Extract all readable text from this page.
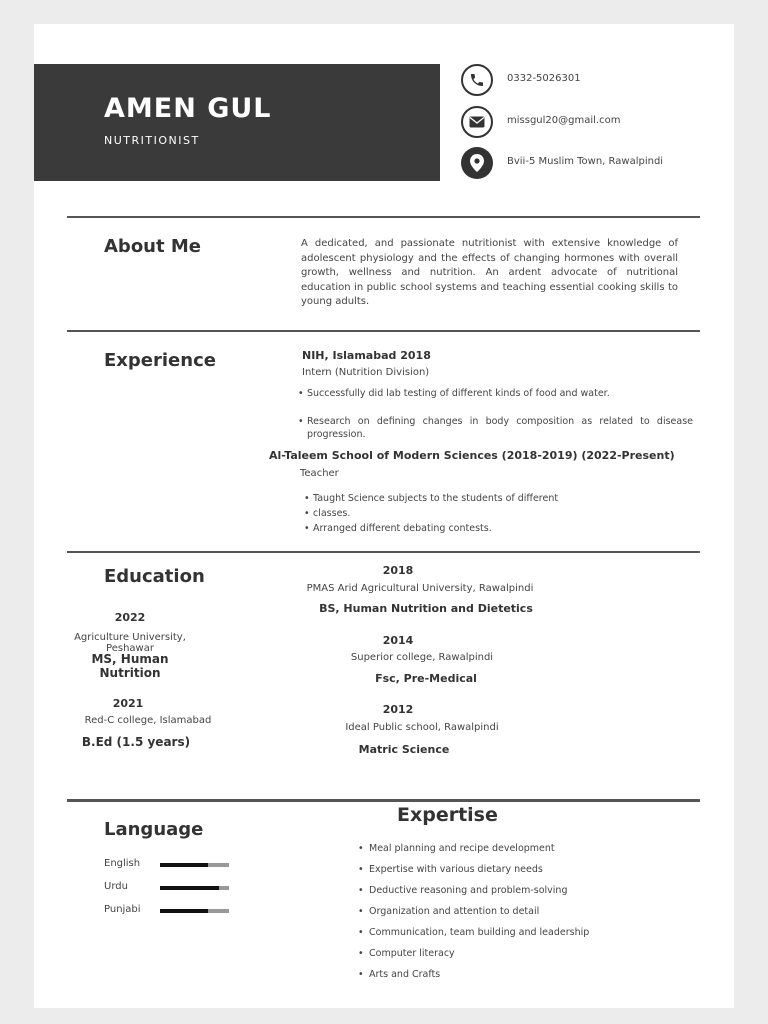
AMEN GUL
NUTRITIONIST
0332-5026301
missgul20@gmail.com
Bvii-5 Muslim Town, Rawalpindi
About Me	A dedicated, and passionate nutritionist with extensive knowledge of adolescent physiology and the effects of changing hormones with overall growth, wellness and nutrition. An ardent advocate of nutritional education in public school systems and teaching essential cooking skills to young adults.
Experience	NIH, Islamabad 2018
Intern (Nutrition Division)
• Successfully did lab testing of different kinds of food and water.
• Research on defining changes in body composition as related to disease progression.
Al-Taleem School of Modern Sciences (2018-2019) (2022-Present)
Teacher
• Taught Science subjects to the students of different
• classes.
• Arranged different debating contests.
Education
2022
Agriculture University, Peshawar
MS, Human Nutrition
2021
Red-C college, Islamabad
B.Ed (1.5 years)
2018
PMAS Arid Agricultural University, Rawalpindi
BS, Human Nutrition and Dietetics
2014
Superior college, Rawalpindi
Fsc, Pre-Medical
2012
Ideal Public school, Rawalpindi
Matric Science
Language
Expertise
English
Urdu
Punjabi
• Meal planning and recipe development
• Expertise with various dietary needs
• Deductive reasoning and problem-solving
• Organization and attention to detail
• Communication, team building and leadership
• Computer literacy
• Arts and Crafts
